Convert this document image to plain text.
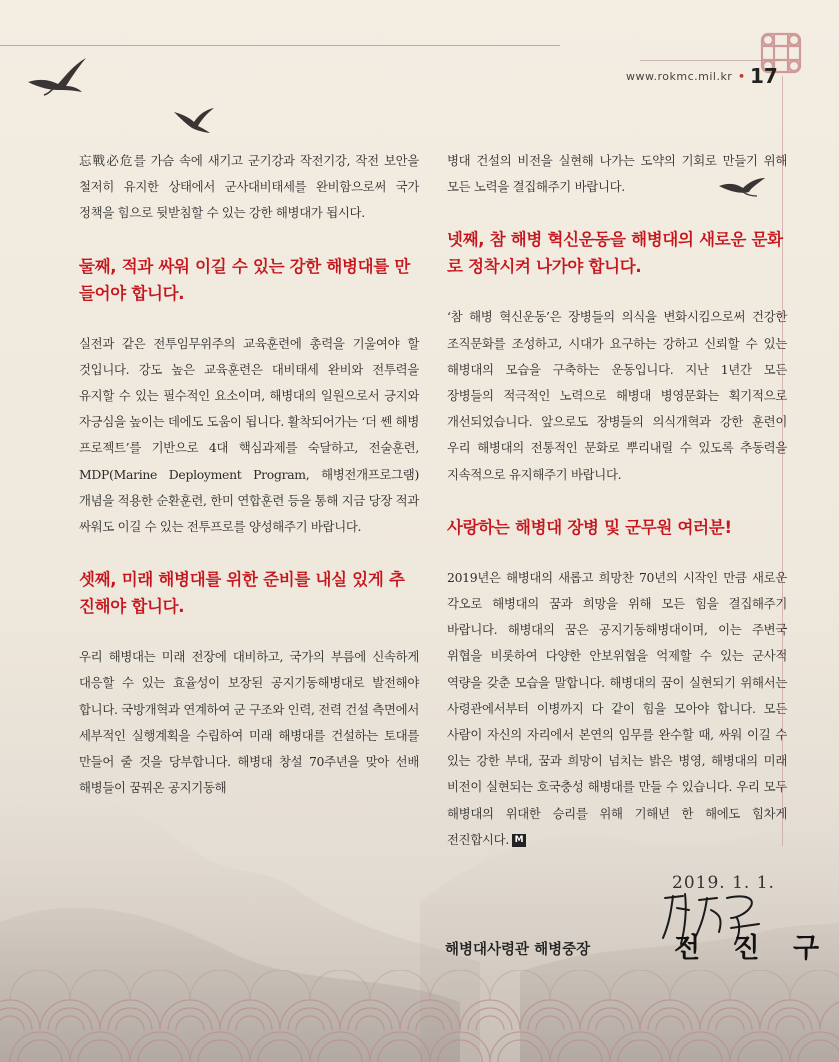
www.rokmc.mil.kr • 17

忘戰必危를 가슴 속에 새기고 군기강과 작전기강, 작전 보안을 철저히 유지한 상태에서 군사대비태세를 완비함으로써 국가 정책을 힘으로 뒷받침할 수 있는 강한 해병대가 됩시다.

둘째, 적과 싸워 이길 수 있는 강한 해병대를 만들어야 합니다.

실전과 같은 전투임무위주의 교육훈련에 총력을 기울여야 할 것입니다. 강도 높은 교육훈련은 대비태세 완비와 전투력을 유지할 수 있는 필수적인 요소이며, 해병대의 일원으로서 긍지와 자긍심을 높이는 데에도 도움이 됩니다. 활착되어가는 ‘더 쎈 해병 프로젝트’를 기반으로 4대 핵심과제를 숙달하고, 전술훈련, MDP(Marine Deployment Program, 해병전개프로그램) 개념을 적용한 순환훈련, 한미 연합훈련 등을 통해 지금 당장 적과 싸워도 이길 수 있는 전투프로를 양성해주기 바랍니다.

셋째, 미래 해병대를 위한 준비를 내실 있게 추진해야 합니다.

우리 해병대는 미래 전장에 대비하고, 국가의 부름에 신속하게 대응할 수 있는 효율성이 보장된 공지기동해병대로 발전해야 합니다. 국방개혁과 연계하여 군 구조와 인력, 전력 건설 측면에서 세부적인 실행계획을 수립하여 미래 해병대를 건설하는 토대를 만들어 줄 것을 당부합니다. 해병대 창설 70주년을 맞아 선배 해병들이 꿈꿔온 공지기동해

병대 건설의 비전을 실현해 나가는 도약의 기회로 만들기 위해 모든 노력을 결집해주기 바랍니다.

넷째, 참 해병 혁신운동을 해병대의 새로운 문화로 정착시켜 나가야 합니다.

‘참 해병 혁신운동’은 장병들의 의식을 변화시킴으로써 건강한 조직문화를 조성하고, 시대가 요구하는 강하고 신뢰할 수 있는 해병대의 모습을 구축하는 운동입니다. 지난 1년간 모든 장병들의 적극적인 노력으로 해병대 병영문화는 획기적으로 개선되었습니다. 앞으로도 장병들의 의식개혁과 강한 훈련이 우리 해병대의 전통적인 문화로 뿌리내릴 수 있도록 추동력을 지속적으로 유지해주기 바랍니다.

사랑하는 해병대 장병 및 군무원 여러분!

2019년은 해병대의 새롭고 희망찬 70년의 시작인 만큼 새로운 각오로 해병대의 꿈과 희망을 위해 모든 힘을 결집해주기 바랍니다. 해병대의 꿈은 공지기동해병대이며, 이는 주변국 위협을 비롯하여 다양한 안보위협을 억제할 수 있는 군사적 역량을 갖춘 모습을 말합니다. 해병대의 꿈이 실현되기 위해서는 사령관에서부터 이병까지 다 같이 힘을 모아야 합니다. 모든 사람이 자신의 자리에서 본연의 임무를 완수할 때, 싸워 이길 수 있는 강한 부대, 꿈과 희망이 넘치는 밝은 병영, 해병대의 미래 비전이 실현되는 호국충성 해병대를 만들 수 있습니다. 우리 모두 해병대의 위대한 승리를 위해 기해년 한 해에도 힘차게 전진합시다. M

2019. 1. 1.
해병대사령관 해병중장	전 진 구
